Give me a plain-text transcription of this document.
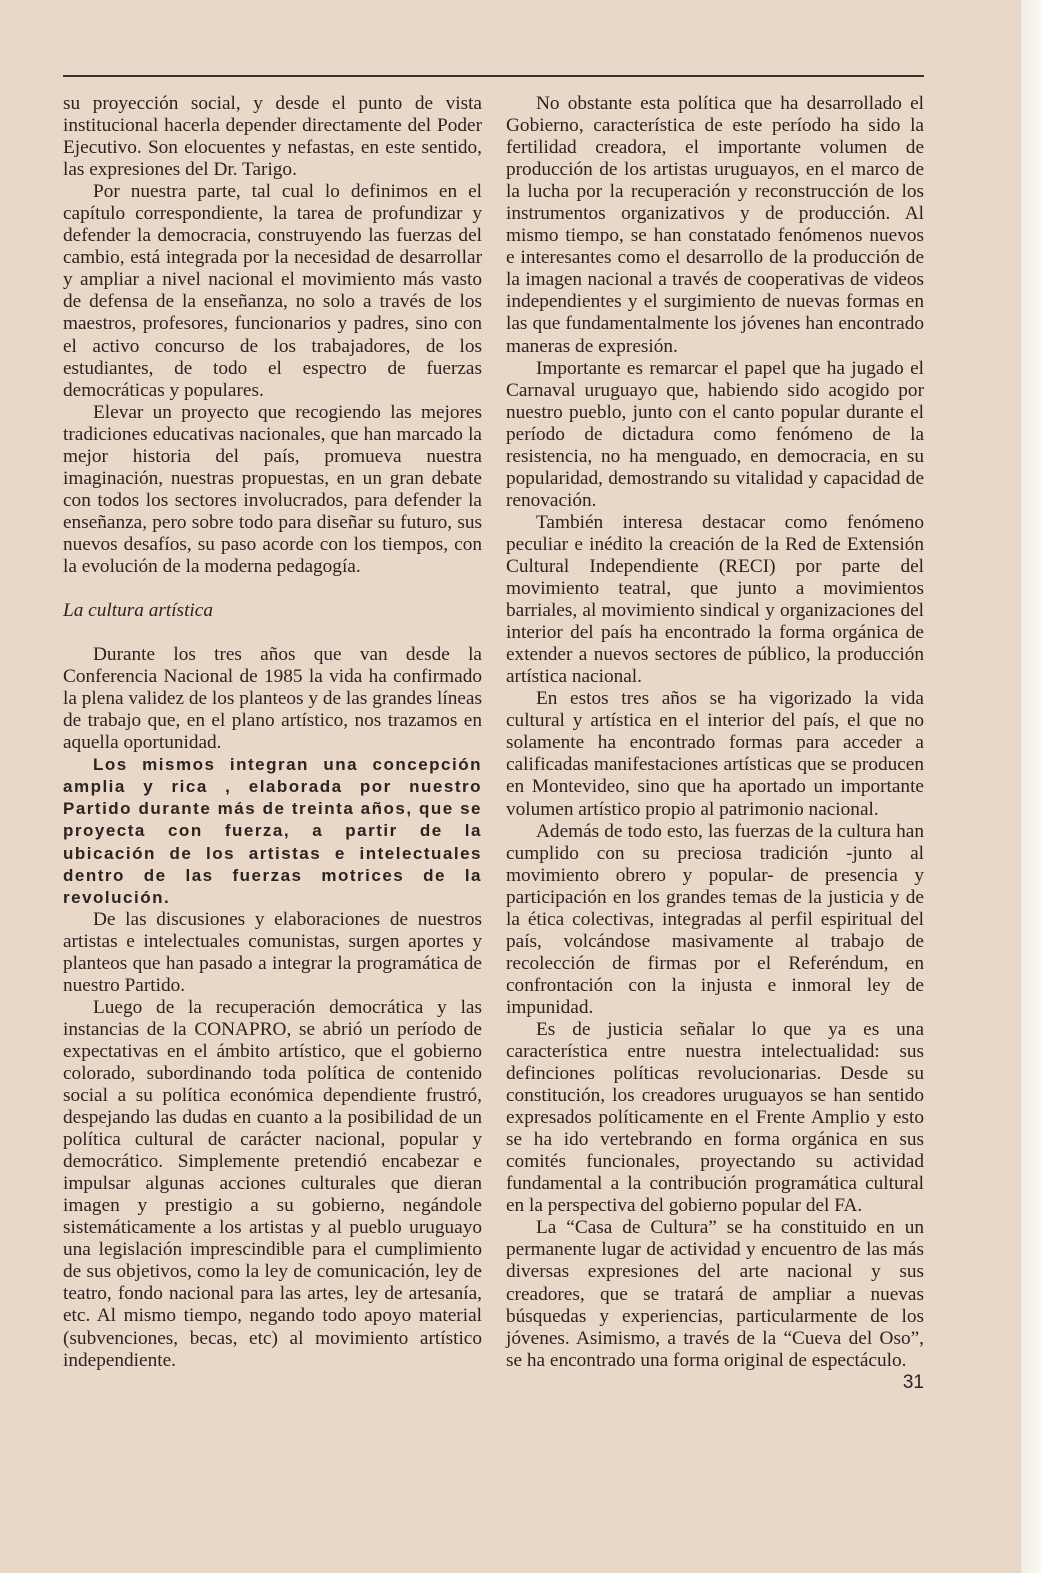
su proyección social, y desde el punto de vista institucional hacerla depender directamente del Poder Ejecutivo. Son elocuentes y nefastas, en este sentido, las expresiones del Dr. Tarigo.

Por nuestra parte, tal cual lo definimos en el capítulo correspondiente, la tarea de profundizar y defender la democracia, construyendo las fuerzas del cambio, está integrada por la necesidad de desarrollar y ampliar a nivel nacional el movimiento más vasto de defensa de la enseñanza, no solo a través de los maestros, profesores, funcionarios y padres, sino con el activo concurso de los trabajadores, de los estudiantes, de todo el espectro de fuerzas democráticas y populares.

Elevar un proyecto que recogiendo las mejores tradiciones educativas nacionales, que han marcado la mejor historia del país, promueva nuestra imaginación, nuestras propuestas, en un gran debate con todos los sectores involucrados, para defender la enseñanza, pero sobre todo para diseñar su futuro, sus nuevos desafíos, su paso acorde con los tiempos, con la evolución de la moderna pedagogía.

La cultura artística

Durante los tres años que van desde la Conferencia Nacional de 1985 la vida ha confirmado la plena validez de los planteos y de las grandes líneas de trabajo que, en el plano artístico, nos trazamos en aquella oportunidad.

Los mismos integran una concepción amplia y rica , elaborada por nuestro Partido durante más de treinta años, que se proyecta con fuerza, a partir de la ubicación de los artistas e intelectuales dentro de las fuerzas motrices de la revolución.

De las discusiones y elaboraciones de nuestros artistas e intelectuales comunistas, surgen aportes y planteos que han pasado a integrar la programática de nuestro Partido.

Luego de la recuperación democrática y las instancias de la CONAPRO, se abrió un período de expectativas en el ámbito artístico, que el gobierno colorado, subordinando toda política de contenido social a su política económica dependiente frustró, despejando las dudas en cuanto a la posibilidad de un política cultural de carácter nacional, popular y democrático. Simplemente pretendió encabezar e impulsar algunas acciones culturales que dieran imagen y prestigio a su gobierno, negándole sistemáticamente a los artistas y al pueblo uruguayo una legislación imprescindible para el cumplimiento de sus objetivos, como la ley de comunicación, ley de teatro, fondo nacional para las artes, ley de artesanía, etc. Al mismo tiempo, negando todo apoyo material (subvenciones, becas, etc) al movimiento artístico independiente.

No obstante esta política que ha desarrollado el Gobierno, característica de este período ha sido la fertilidad creadora, el importante volumen de producción de los artistas uruguayos, en el marco de la lucha por la recuperación y reconstrucción de los instrumentos organizativos y de producción. Al mismo tiempo, se han constatado fenómenos nuevos e interesantes como el desarrollo de la producción de la imagen nacional a través de cooperativas de videos independientes y el surgimiento de nuevas formas en las que fundamentalmente los jóvenes han encontrado maneras de expresión.

Importante es remarcar el papel que ha jugado el Carnaval uruguayo que, habiendo sido acogido por nuestro pueblo, junto con el canto popular durante el período de dictadura como fenómeno de la resistencia, no ha menguado, en democracia, en su popularidad, demostrando su vitalidad y capacidad de renovación.

También interesa destacar como fenómeno peculiar e inédito la creación de la Red de Extensión Cultural Independiente (RECI) por parte del movimiento teatral, que junto a movimientos barriales, al movimiento sindical y organizaciones del interior del país ha encontrado la forma orgánica de extender a nuevos sectores de público, la producción artística nacional.

En estos tres años se ha vigorizado la vida cultural y artística en el interior del país, el que no solamente ha encontrado formas para acceder a calificadas manifestaciones artísticas que se producen en Montevideo, sino que ha aportado un importante volumen artístico propio al patrimonio nacional.

Además de todo esto, las fuerzas de la cultura han cumplido con su preciosa tradición -junto al movimiento obrero y popular- de presencia y participación en los grandes temas de la justicia y de la ética colectivas, integradas al perfil espiritual del país, volcándose masivamente al trabajo de recolección de firmas por el Referéndum, en confrontación con la injusta e inmoral ley de impunidad.

Es de justicia señalar lo que ya es una característica entre nuestra intelectualidad: sus definciones políticas revolucionarias. Desde su constitución, los creadores uruguayos se han sentido expresados políticamente en el Frente Amplio y esto se ha ido vertebrando en forma orgánica en sus comités funcionales, proyectando su actividad fundamental a la contribución programática cultural en la perspectiva del gobierno popular del FA.

La “Casa de Cultura” se ha constituido en un permanente lugar de actividad y encuentro de las más diversas expresiones del arte nacional y sus creadores, que se tratará de ampliar a nuevas búsquedas y experiencias, particularmente de los jóvenes. Asimismo, a través de la “Cueva del Oso”, se ha encontrado una forma original de espectáculo.

31
